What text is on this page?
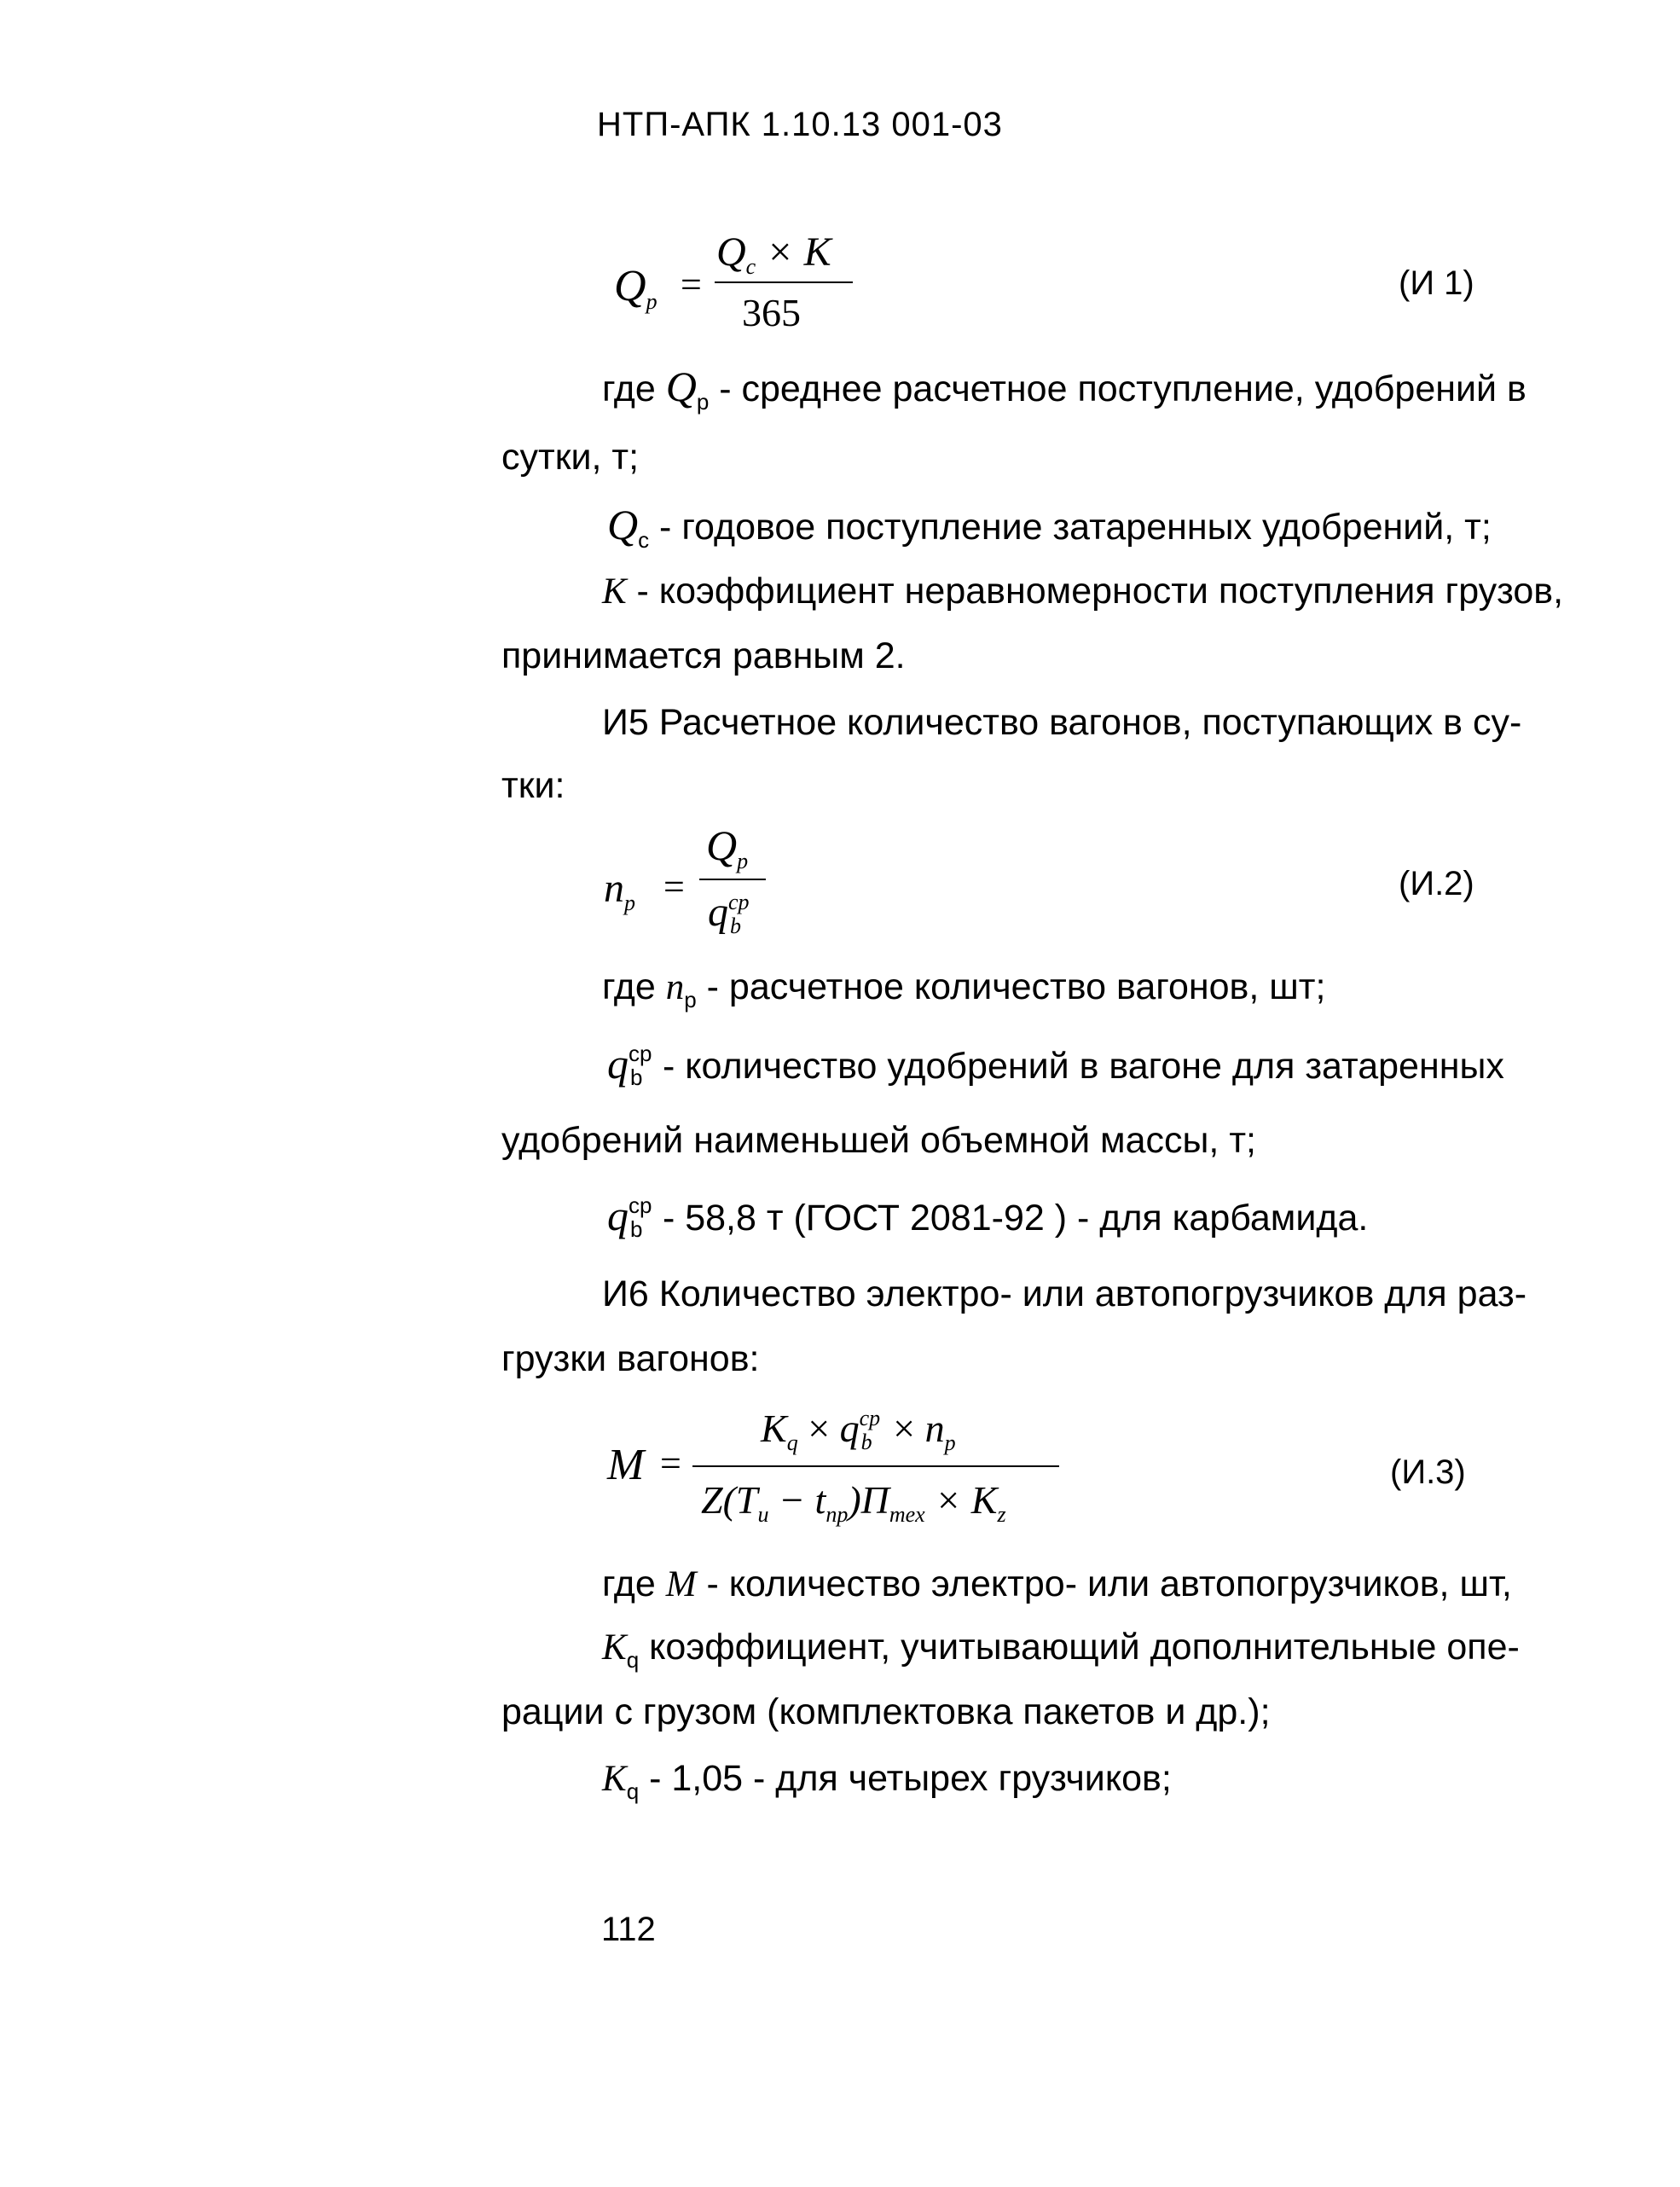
НТП-АПК 1.10.13 001-03
$Q_p$ =
$Q_c \times K$
365
(И 1)
где $Q_p$ - среднее расчетное поступление, удобрений в
сутки, т;
$Q_c$ - годовое поступление затаренных удобрений, т;
К - коэффициент неравномерности поступления грузов,
принимается равным 2.
И5 Расчетное количество вагонов, поступающих в су-
тки:
$n_p$ =
$Q_p$
q cp
b
(И.2)
где $n_p$ - расчетное количество вагонов, шт;
q cp
b - количество удобрений в вагоне для затаренных
удобрений наименьшей объемной массы, т;
q cp
b - 58,8 т (ГОСТ 2081-92 ) - для карбамида.
И6 Количество электро- или автопогрузчиков для раз-
грузки вагонов:
M =
$K_q \times q$ cp
$b \times n_p$
$Z(T_u - t_{np})П_{mex} \times K_z$
(И.3)
где М - количество электро- или автопогрузчиков, шт,
$K_q$ коэффициент, учитывающий дополнительные опе-
рации с грузом (комплектовка пакетов и др.);
$K_q - 1,05$ - для четырех грузчиков;
112
